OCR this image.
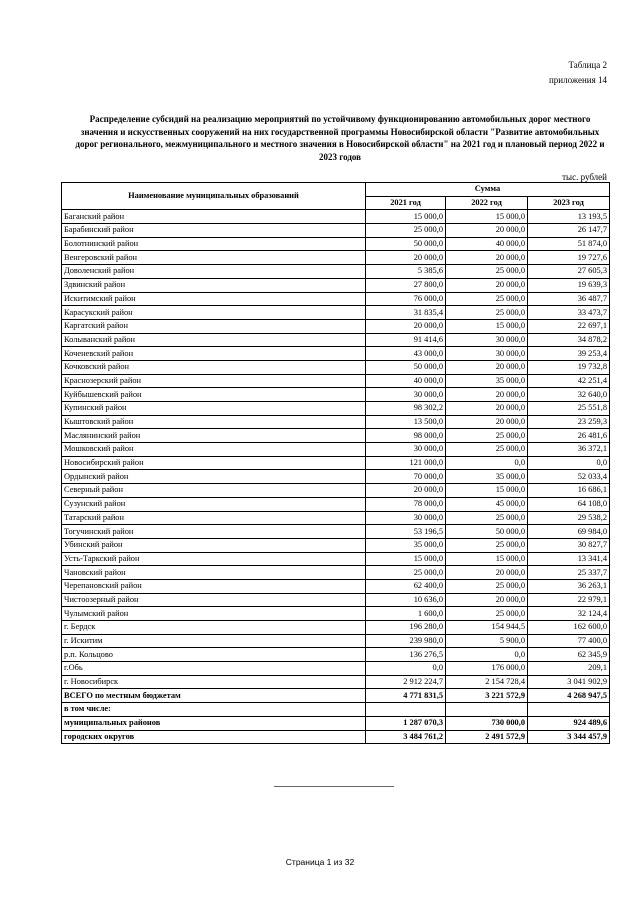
Таблица 2
приложения 14
Распределение субсидий на реализацию мероприятий по устойчивому функционированию автомобильных дорог местного значения и искусственных сооружений на них государственной программы Новосибирской области "Развитие автомобильных дорог регионального, межмуниципального и местного значения в Новосибирской области" на 2021 год и плановый период 2022 и 2023 годов
тыс. рублей
Наименование муниципальных образований	Сумма		
	2021 год	2022 год	2023 год
Баганский район	15 000,0	15 000,0	13 193,5
Барабинский район	25 000,0	20 000,0	26 147,7
Болотнинский район	50 000,0	40 000,0	51 874,0
Венгеровский район	20 000,0	20 000,0	19 727,6
Доволенский район	5 385,6	25 000,0	27 605,3
Здвинский район	27 800,0	20 000,0	19 639,3
Искитимский район	76 000,0	25 000,0	36 487,7
Карасукский район	31 835,4	25 000,0	33 473,7
Каргатский район	20 000,0	15 000,0	22 697,1
Колыванский район	91 414,6	30 000,0	34 878,2
Коченевский район	43 000,0	30 000,0	39 253,4
Кочковский район	50 000,0	20 000,0	19 732,8
Краснозерский район	40 000,0	35 000,0	42 251,4
Куйбышевский район	30 000,0	20 000,0	32 640,0
Купинский район	98 302,2	20 000,0	25 551,8
Кыштовский район	13 500,0	20 000,0	23 259,3
Маслянинский район	98 000,0	25 000,0	26 481,6
Мошковский район	30 000,0	25 000,0	36 372,1
Новосибирский район	121 000,0	0,0	0,0
Ордынский район	70 000,0	35 000,0	52 033,4
Северный район	20 000,0	15 000,0	16 686,1
Сузунский район	78 000,0	45 000,0	64 108,0
Татарский район	30 000,0	25 000,0	29 538,2
Тогучинский район	53 196,5	50 000,0	69 984,0
Убинский район	35 000,0	25 000,0	30 827,7
Усть-Таркский район	15 000,0	15 000,0	13 341,4
Чановский район	25 000,0	20 000,0	25 337,7
Черепановский район	62 400,0	25 000,0	36 263,1
Чистоозерный район	10 636,0	20 000,0	22 979,1
Чулымский район	1 600,0	25 000,0	32 124,4
г. Бердск	196 280,0	154 944,5	162 600,0
г. Искитим	239 980,0	5 900,0	77 400,0
р.п. Кольцово	136 276,5	0,0	62 345,9
г.Обь	0,0	176 000,0	209,1
г. Новосибирск	2 912 224,7	2 154 728,4	3 041 902,9
ВСЕГО по местным бюджетам	4 771 831,5	3 221 572,9	4 268 947,5
в том числе:			
муниципальных районов	1 287 070,3	730 000,0	924 489,6
городских округов	3 484 761,2	2 491 572,9	3 344 457,9
Страница 1 из 32
